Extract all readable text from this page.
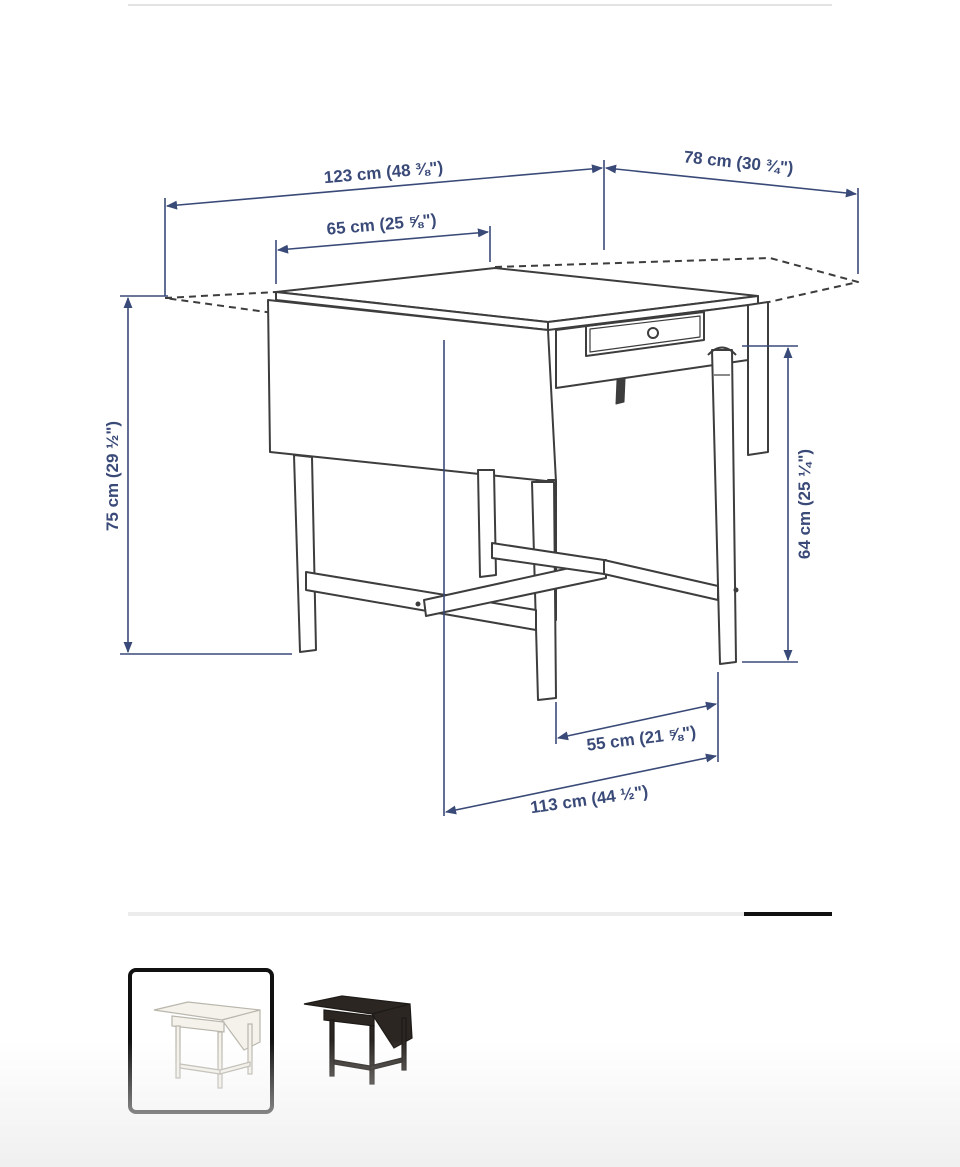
123 cm (48 ⅜")	78 cm (30 ¾")
65 cm (25 ⅝")
75 cm (29 ½")	64 cm (25 ¼")
55 cm (21 ⅝")
113 cm (44 ½")
